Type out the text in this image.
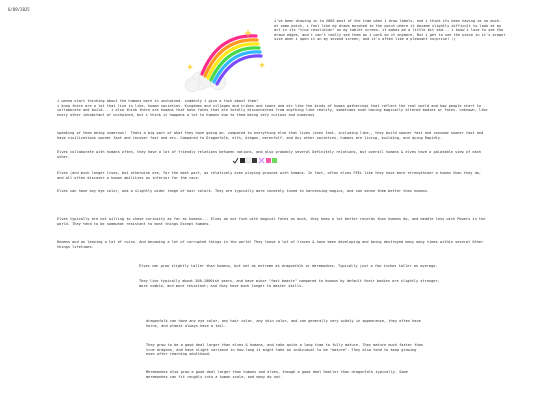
6/09/2025
i've been drawing in to 2005 most of the time when i draw labels, and i think its been having as so much. at some point, i feel like my draws morphed to the point where it became slightly difficult to look at my art in its "true resolution" on my tablet screen. it makes me a little bit sad... i know i love to see the drawn edges, and i can't really see them as i work on it anymore. But i get to see the piece in it's proper size when i open it on my second screen, and it's often like a pleasant surprise! :)
i wanna start thinking about the humans more in unchained. suddenly i give a fuck about them!
i know there are a lot that live in like, human societies. Kingdoms and villages and tribes and towns and etc like the kinds of human gatherings that reflect the real world and how people start to collaborate and build... i also think there are humans that have fates that are totally disconnected from anything like reality, sometimes even having magically altered bodies or fates. unknown, like every other inhabitant of unchained, but i think it happens a lot to humans due to them being very curious and numerous
speaking of them being numerous!  Thats a big part of what they have going on. compared to everything else that lives (even fast, including like,, they build sooner fast and consume sooner fast and have civilizations sooner fast and recover fast and etc. Compared to Dragonfolk, elfs, dragon, merenfolf, and Any other societies, humans are living, building, and dying Rapidly.
Elves collaborate with humans often, they have a lot of friendly relations between nations, and also probably several Definitely relations, but overall humans & elves have a palatable view of each other.
Elves (and much longer lives, but otherwise are, for the most part, as relatively even playing grounds with humans. In fact, often elves FEEL like they have more strengthcoer a human than they do, and all often discover a human abilities as inferior for the race.
Elves can have any eye color, and a slightly wider range of hair colors. They are typically more innately tuned to harnessing magics, and can sense them better than humans.
Elves typically are not willing to chase curiosity as far as humans... Elves do not fuck with magical fates as much, they keep a lot better records than humans do, and meddle less with Powers in the world. They tend to be somewhat resistant to most things Except humans.
Humans and an leaving a lot of ruins. And becoming a lot of corrupted things in the world! They leave a lot of traces & have been developing and being destroyed many many times within several Other things lifetimes.
Elves can grow slightly taller than humans, but not as extreme as dragonfolk or meremonkes. Typically just a few inches taller on average.
They live typically about 200-1000ish years, and have minor "fast beasts" compared to humans by default their bodies are slightly stronger, more nimble, and more resistant; and they have much longer to master skills.
dragonfolk can have any eye color, any hair color, any skin color, and can generally vary widely in appearance, they often have horns, and almost always have a tail.
They grow to be a good deal larger than elves & humans, and take quite a long time to fully mature. They mature much faster than true dragons, and have slight variance in how long it might take an individual to be "mature". They also tend to keep growing even after reaching adulthood.
Meremonkes also grow a good deal larger than humans and elves, though a good deal Smaller than dragonfolk typically. Some meremonkes can fit roughly into a human scale, and many do not.
